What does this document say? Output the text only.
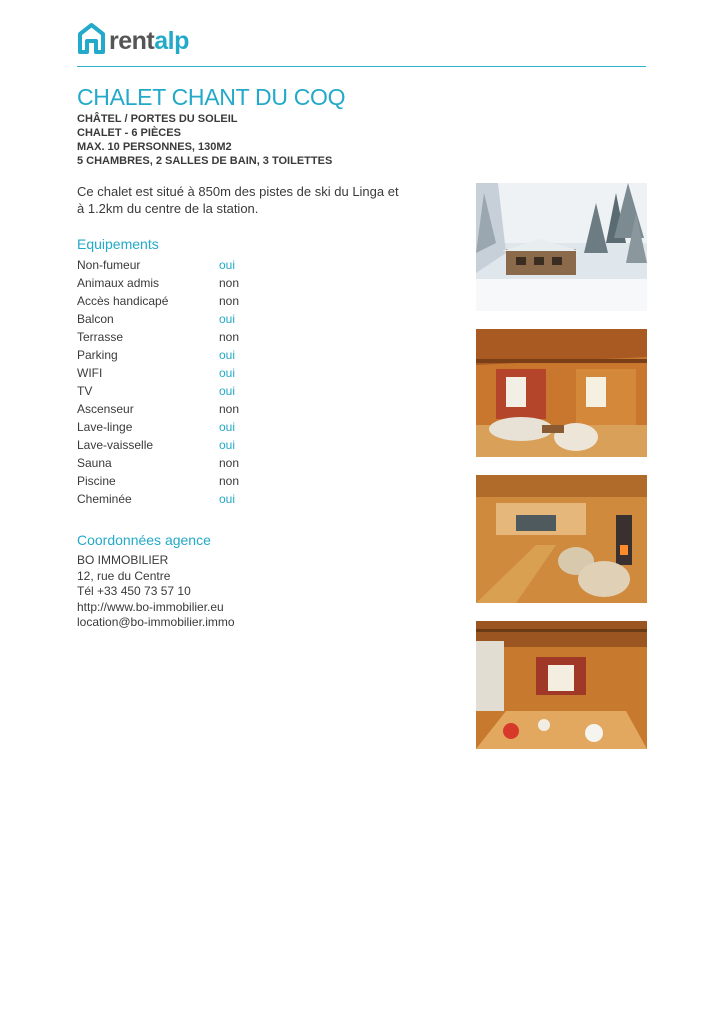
rentalp
CHALET CHANT DU COQ
CHÂTEL / PORTES DU SOLEIL
CHALET - 6 PIÈCES
MAX. 10 PERSONNES, 130M2
5 CHAMBRES, 2 SALLES DE BAIN, 3 TOILETTES

Ce chalet est situé à 850m des pistes de ski du Linga et à 1.2km du centre de la station.

Equipements
Non-fumeur	oui
Animaux admis	non
Accès handicapé	non
Balcon	oui
Terrasse	non
Parking	oui
WIFI	oui
TV	oui
Ascenseur	non
Lave-linge	oui
Lave-vaisselle	oui
Sauna	non
Piscine	non
Cheminée	oui
Coordonnées agence
BO IMMOBILIER
12, rue du Centre
Tél +33 450 73 57 10
http://www.bo-immobilier.eu
location@bo-immobilier.immo
